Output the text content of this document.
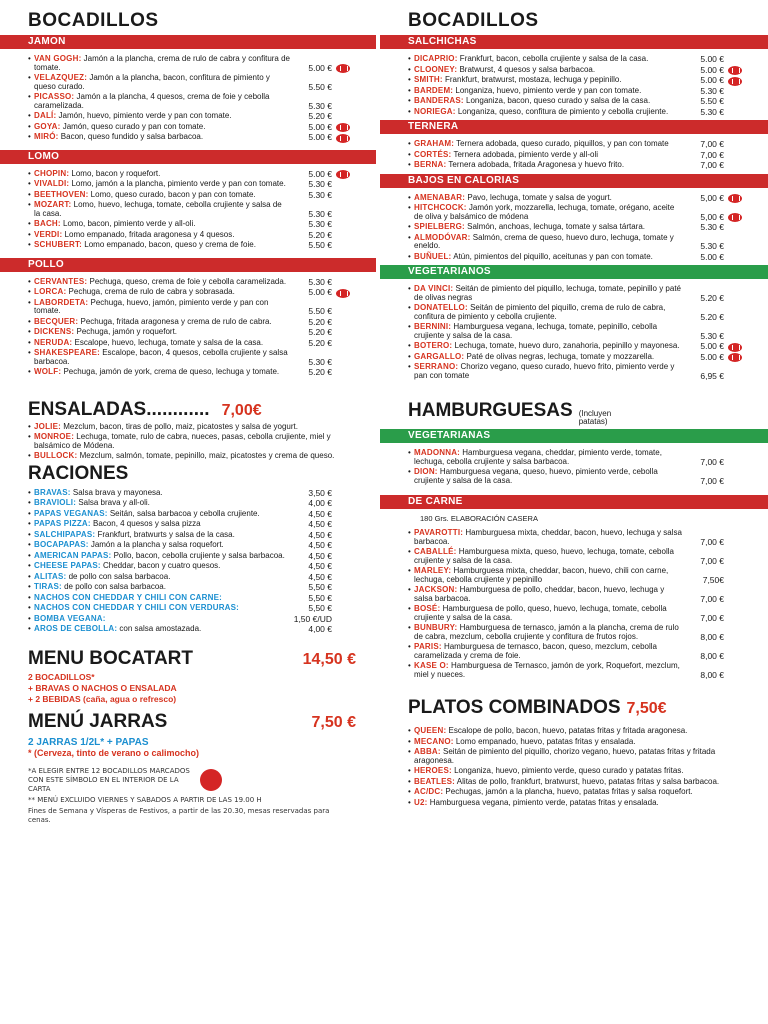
BOCADILLOS
JAMON
• VAN GOGH: Jamón a la plancha, crema de rulo de cabra y confitura de tomate.	5.00 €
• VELAZQUEZ: Jamón a la plancha, bacon, confitura de pimiento y queso curado.	5.50 €
• PICASSO: Jamón a la plancha, 4 quesos, crema de foie y cebolla caramelizada.	5.30 €
• DALÍ: Jamón, huevo, pimiento verde y pan con tomate.	5.20 €
• GOYA: Jamón, queso curado y pan con tomate.	5.00 €
• MIRÓ: Bacon, queso fundido y salsa barbacoa.	5.00 €
LOMO
• CHOPIN: Lomo, bacon y roquefort.	5.00 €
• VIVALDI: Lomo, jamón a la plancha, pimiento verde y pan con tomate.	5.30 €
• BEETHOVEN: Lomo, queso curado, bacon y pan con tomate.	5.30 €
• MOZART: Lomo, huevo, lechuga, tomate, cebolla crujiente y salsa de la casa.	5.30 €
• BACH: Lomo, bacon, pimiento verde y all-oli.	5.30 €
• VERDI: Lomo empanado, fritada aragonesa y 4 quesos.	5.20 €
• SCHUBERT: Lomo empanado, bacon, queso y crema de foie.	5.50 €
POLLO
• CERVANTES: Pechuga, queso, crema de foie y cebolla caramelizada.	5.30 €
• LORCA: Pechuga, crema de rulo de cabra y sobrasada.	5.00 €
• LABORDETA: Pechuga, huevo, jamón, pimiento verde y pan con tomate.	5.50 €
• BECQUER: Pechuga, fritada aragonesa y crema de rulo de cabra.	5.20 €
• DICKENS: Pechuga, jamón y roquefort.	5.20 €
• NERUDA: Escalope, huevo, lechuga, tomate y salsa de la casa.	5.20 €
• SHAKESPEARE: Escalope, bacon, 4 quesos, cebolla crujiente y salsa barbacoa.	5.30 €
• WOLF: Pechuga, jamón de york, crema de queso, lechuga y tomate.	5.20 €
ENSALADAS............ 7,00€
• JOLIE: Mezclum, bacon, tiras de pollo, maiz, picatostes y salsa de yogurt.
• MONROE: Lechuga, tomate, rulo de cabra, nueces, pasas, cebolla crujiente, miel y balsámico de Módena.
• BULLOCK: Mezclum, salmón, tomate, pepinillo, maiz, picatostes y crema de queso.
RACIONES
• BRAVAS: Salsa brava y mayonesa.	3,50 €
• BRAVIOLI: Salsa brava y all-oli.	4,00 €
• PAPAS VEGANAS: Seitán, salsa barbacoa y cebolla crujiente.	4,50 €
• PAPAS PIZZA: Bacon, 4 quesos y salsa pizza	4,50 €
• SALCHIPAPAS: Frankfurt, bratwurts y salsa de la casa.	4,50 €
• BOCAPAPAS: Jamón a la plancha y salsa roquefort.	4,50 €
• AMERICAN PAPAS: Pollo, bacon, cebolla crujiente y salsa barbacoa.	4,50 €
• CHEESE PAPAS: Cheddar, bacon y cuatro quesos.	4,50 €
• ALITAS: de pollo con salsa barbacoa.	4,50 €
• TIRAS: de pollo con salsa barbacoa.	5,50 €
• NACHOS CON CHEDDAR Y CHILI CON CARNE:	5,50 €
• NACHOS CON CHEDDAR Y CHILI CON VERDURAS:	5,50 €
• BOMBA VEGANA:	1,50 €/UD
• AROS DE CEBOLLA: con salsa amostazada.	4,00 €
MENU BOCATART	14,50 €
2 BOCADILLOS*
+ BRAVAS O NACHOS O ENSALADA
+ 2 BEBIDAS (caña, agua o refresco)
MENÚ JARRAS	7,50 €
2 JARRAS 1/2L* + PAPAS
* (Cerveza, tinto de verano o calimocho)
*A ELEGIR ENTRE 12 BOCADILLOS MARCADOS CON ESTE SÍMBOLO EN EL INTERIOR DE LA CARTA
** MENÚ EXCLUIDO VIERNES Y SABADOS A PARTIR DE LAS 19.00 H
Fines de Semana y Vísperas de Festivos, a partir de las 20.30, mesas reservadas para cenas.
BOCADILLOS
SALCHICHAS
• DICAPRIO: Frankfurt, bacon, cebolla crujiente y salsa de la casa.	5.00 €
• CLOONEY: Bratwurst, 4 quesos y salsa barbacoa.	5.00 €
• SMITH: Frankfurt, bratwurst, mostaza, lechuga y pepinillo.	5.00 €
• BARDEM: Longaniza, huevo, pimiento verde y pan con tomate.	5.30 €
• BANDERAS: Longaniza, bacon, queso curado y salsa de la casa.	5.50 €
• NORIEGA: Longaniza, queso, confitura de pimiento y cebolla crujiente.	5.30 €
TERNERA
• GRAHAM: Ternera adobada, queso curado, piquillos, y pan con tomate	7,00 €
• CORTÉS: Ternera adobada, pimiento verde y all-oli	7,00 €
• BERNA: Ternera adobada, fritada Aragonesa y huevo frito.	7,00 €
BAJOS EN CALORIAS
• AMENABAR: Pavo, lechuga, tomate y salsa de yogurt.	5,00 €
• HITCHCOCK: Jamón york, mozzarella, lechuga, tomate, orégano, aceite de oliva y balsámico de módena	5,00 €
• SPIELBERG: Salmón, anchoas, lechuga, tomate y salsa tártara.	5.30 €
• ALMODÓVAR: Salmón, crema de queso, huevo duro, lechuga, tomate y eneldo.	5.30 €
• BUÑUEL: Atún, pimientos del piquillo, aceitunas y pan con tomate.	5.00 €
VEGETARIANOS
• DA VINCI: Seitán de pimiento del piquillo, lechuga, tomate, pepinillo y paté de olivas negras	5.20 €
• DONATELLO: Seitán de pimiento del piquillo, crema de rulo de cabra, confitura de pimiento y cebolla crujiente.	5.20 €
• BERNINI: Hamburguesa vegana, lechuga, tomate, pepinillo, cebolla crujiente y salsa de la casa.	5.30 €
• BOTERO: Lechuga, tomate, huevo duro, zanahoria, pepinillo y mayonesa. 5.00 €
• GARGALLO: Paté de olivas negras, lechuga, tomate y mozzarella.	5.00 €
• SERRANO: Chorizo vegano, queso curado, huevo frito, pimiento verde y pan con tomate	6,95 €
HAMBURGUESAS (Incluyen patatas)
VEGETARIANAS
• MADONNA: Hamburguesa vegana, cheddar, pimiento verde, tomate, lechuga, cebolla crujiente y salsa barbacoa.	7,00 €
• DION: Hamburguesa vegana, queso, huevo, pimiento verde, cebolla crujiente y salsa de la casa.	7,00 €
DE CARNE
180 Grs. ELABORACIÓN CASERA
• PAVAROTTI: Hamburguesa mixta, cheddar, bacon, huevo, lechuga y salsa barbacoa.	7,00 €
• CABALLÉ: Hamburguesa mixta, queso, huevo, lechuga, tomate, cebolla crujiente y salsa de la casa.	7,00 €
• MARLEY: Hamburguesa mixta, cheddar, bacon, huevo, chili con carne, lechuga, cebolla crujiente y pepinillo	7,50€
• JACKSON: Hamburguesa de pollo, cheddar, bacon, huevo, lechuga y salsa barbacoa.	7,00 €
• BOSÉ: Hamburguesa de pollo, queso, huevo, lechuga, tomate, cebolla crujiente y salsa de la casa.	7,00 €
• BUNBURY: Hamburguesa de ternasco, jamón a la plancha, crema de rulo de cabra, mezclum, cebolla crujiente y confitura de frutos rojos.	8,00 €
• PARIS: Hamburguesa de ternasco, bacon, queso, mezclum, cebolla caramelizada y crema de foie.	8,00 €
• KASE O: Hamburguesa de Ternasco, jamón de york, Roquefort, mezclum, miel y nueces.	8,00 €
PLATOS COMBINADOS 7,50€
• QUEEN: Escalope de pollo, bacon, huevo, patatas fritas y fritada aragonesa.
• MECANO: Lomo empanado, huevo, patatas fritas y ensalada.
• ABBA: Seitán de pimiento del piquillo, chorizo vegano, huevo, patatas fritas y fritada aragonesa.
• HEROES: Longaniza, huevo, pimiento verde, queso curado y patatas fritas.
• BEATLES: Alitas de pollo, frankfurt, bratwurst, huevo, patatas fritas y salsa barbacoa.
• AC/DC: Pechugas, jamón a la plancha, huevo, patatas fritas y salsa roquefort.
• U2: Hamburguesa vegana, pimiento verde, patatas fritas y ensalada.
